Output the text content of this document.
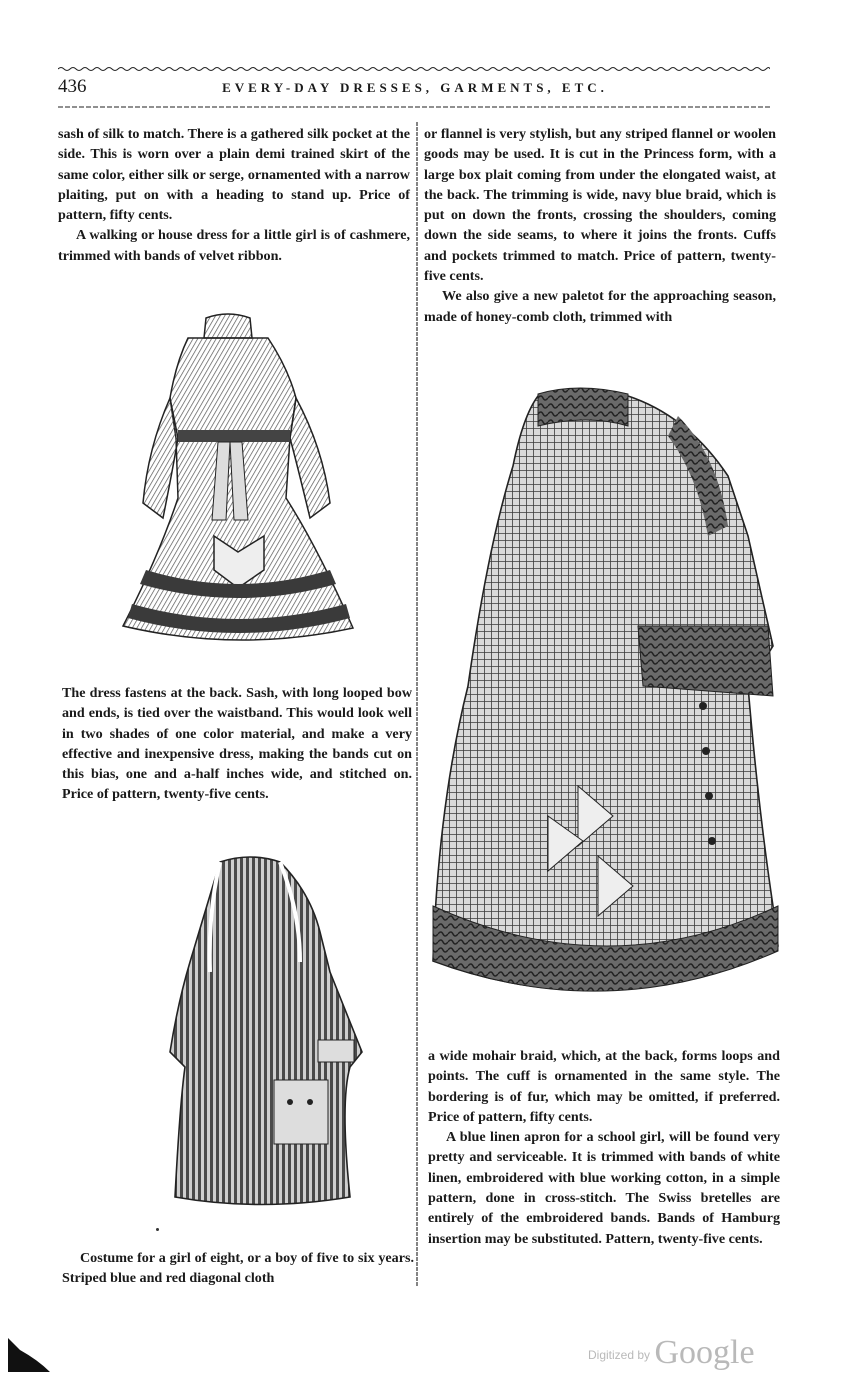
436	EVERY-DAY DRESSES, GARMENTS, ETC.

sash of silk to match. There is a gathered silk pocket at the side. This is worn over a plain demi trained skirt of the same color, either silk or serge, ornamented with a narrow plaiting, put on with a heading to stand up. Price of pattern, fifty cents.

A walking or house dress for a little girl is of cashmere, trimmed with bands of velvet ribbon.

The dress fastens at the back. Sash, with long looped bow and ends, is tied over the waistband. This would look well in two shades of one color material, and make a very effective and inexpensive dress, making the bands cut on this bias, one and a-half inches wide, and stitched on. Price of pattern, twenty-five cents.

Costume for a girl of eight, or a boy of five to six years. Striped blue and red diagonal cloth

or flannel is very stylish, but any striped flannel or woolen goods may be used. It is cut in the Princess form, with a large box plait coming from under the elongated waist, at the back. The trimming is wide, navy blue braid, which is put on down the fronts, crossing the shoulders, coming down the side seams, to where it joins the fronts. Cuffs and pockets trimmed to match. Price of pattern, twenty-five cents.

We also give a new paletot for the approaching season, made of honey-comb cloth, trimmed with

a wide mohair braid, which, at the back, forms loops and points. The cuff is ornamented in the same style. The bordering is of fur, which may be omitted, if preferred. Price of pattern, fifty cents.

A blue linen apron for a school girl, will be found very pretty and serviceable. It is trimmed with bands of white linen, embroidered with blue working cotton, in a simple pattern, done in cross-stitch. The Swiss bretelles are entirely of the embroidered bands. Bands of Hamburg insertion may be substituted. Pattern, twenty-five cents.

$^{Digitized by}$ Google
